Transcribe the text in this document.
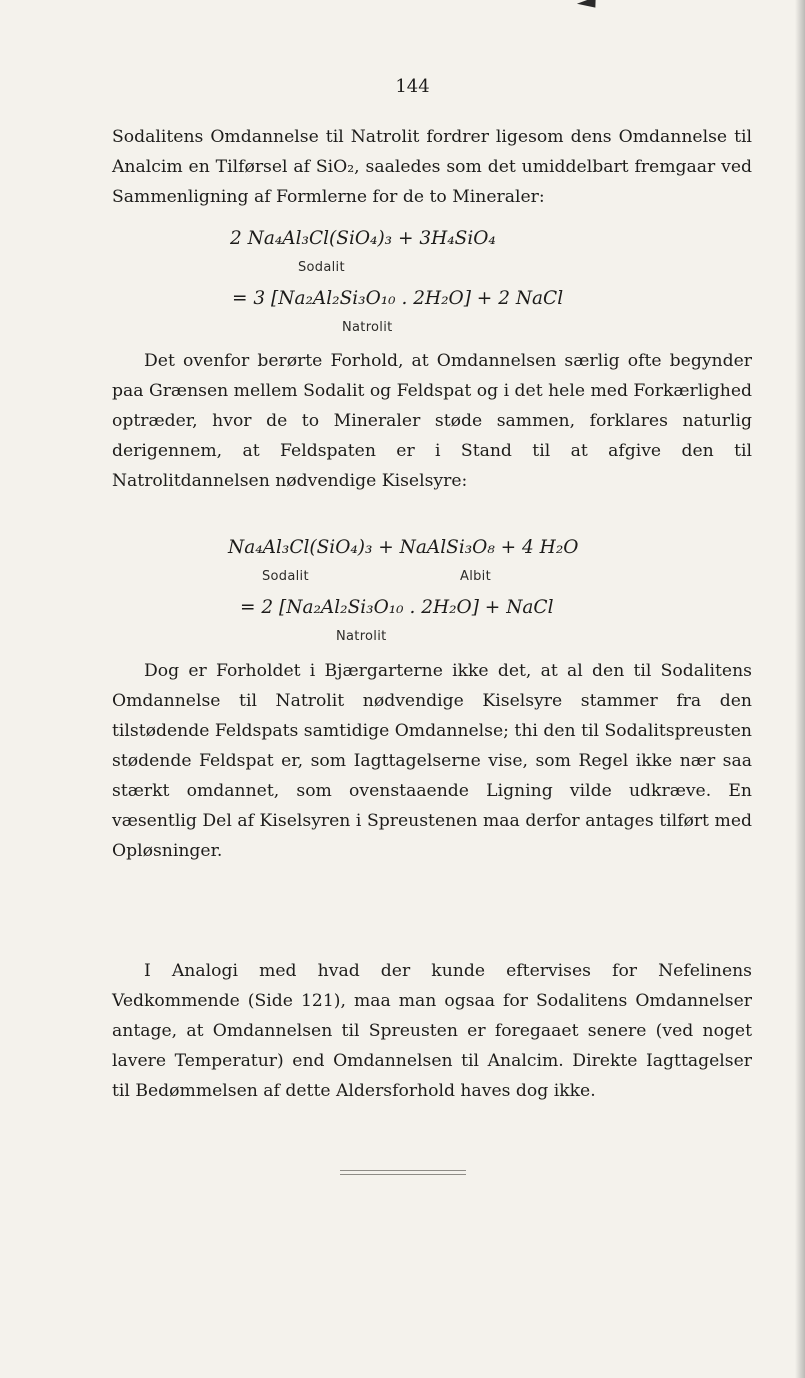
144

Sodalitens Omdannelse til Natrolit fordrer ligesom dens Omdannelse til Analcim en Tilførsel af SiO₂, saaledes som det umiddelbart fremgaar ved Sammenligning af Formlerne for de to Mineraler:

2 Na₄Al₃Cl(SiO₄)₃ + 3H₄SiO₄
Sodalit
= 3 [Na₂Al₂Si₃O₁₀ . 2H₂O] + 2 NaCl
Natrolit

Det ovenfor berørte Forhold, at Omdannelsen særlig ofte begynder paa Grænsen mellem Sodalit og Feldspat og i det hele med Forkærlighed optræder, hvor de to Mineraler støde sammen, forklares naturlig derigennem, at Feldspaten er i Stand til at afgive den til Natrolitdannelsen nødvendige Kiselsyre:

Na₄Al₃Cl(SiO₄)₃ + NaAlSi₃O₈ + 4 H₂O
Sodalit	Albit
= 2 [Na₂Al₂Si₃O₁₀ . 2H₂O] + NaCl
Natrolit

Dog er Forholdet i Bjærgarterne ikke det, at al den til Sodalitens Omdannelse til Natrolit nødvendige Kiselsyre stammer fra den tilstødende Feldspats samtidige Omdannelse; thi den til Sodalitspreusten stødende Feldspat er, som Iagttagelserne vise, som Regel ikke nær saa stærkt omdannet, som ovenstaaende Ligning vilde udkræve. En væsentlig Del af Kiselsyren i Spreustenen maa derfor antages tilført med Opløsninger.

I Analogi med hvad der kunde eftervises for Nefelinens Vedkommende (Side 121), maa man ogsaa for Sodalitens Omdannelser antage, at Omdannelsen til Spreusten er foregaaet senere (ved noget lavere Temperatur) end Omdannelsen til Analcim. Direkte Iagttagelser til Bedømmelsen af dette Aldersforhold haves dog ikke.
